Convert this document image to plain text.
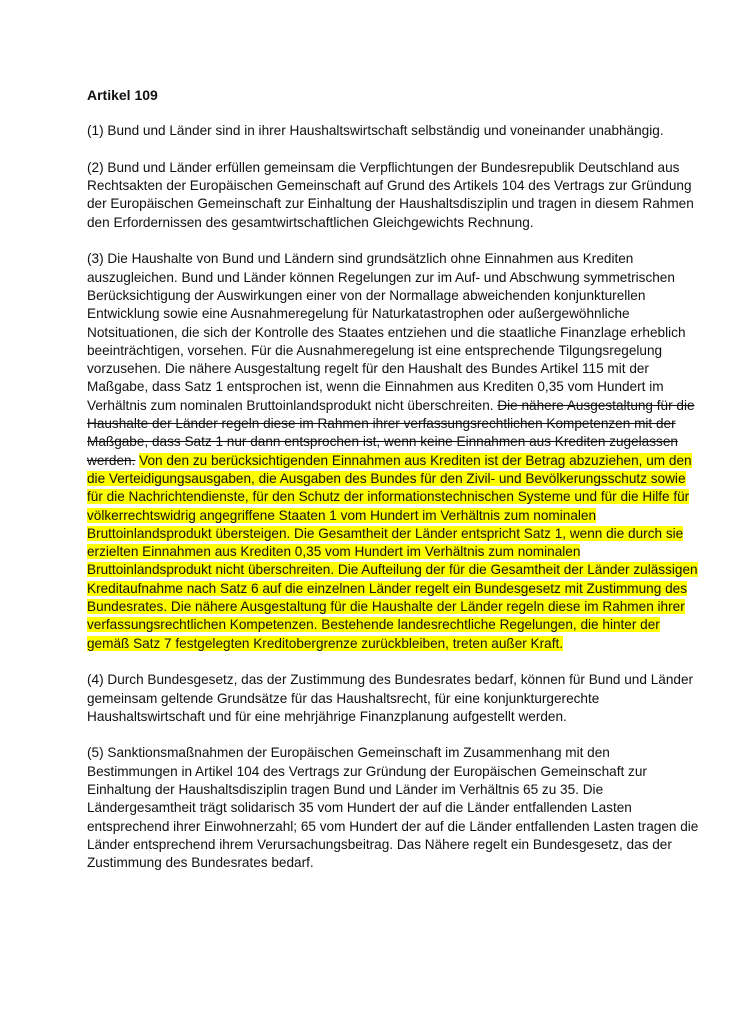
Artikel 109

(1) Bund und Länder sind in ihrer Haushaltswirtschaft selbständig und voneinander unabhängig.

(2) Bund und Länder erfüllen gemeinsam die Verpflichtungen der Bundesrepublik Deutschland aus Rechtsakten der Europäischen Gemeinschaft auf Grund des Artikels 104 des Vertrags zur Gründung der Europäischen Gemeinschaft zur Einhaltung der Haushaltsdisziplin und tragen in diesem Rahmen den Erfordernissen des gesamtwirtschaftlichen Gleichgewichts Rechnung.

(3) Die Haushalte von Bund und Ländern sind grundsätzlich ohne Einnahmen aus Krediten auszugleichen. Bund und Länder können Regelungen zur im Auf- und Abschwung symmetrischen Berücksichtigung der Auswirkungen einer von der Normallage abweichenden konjunkturellen Entwicklung sowie eine Ausnahmeregelung für Naturkatastrophen oder außergewöhnliche Notsituationen, die sich der Kontrolle des Staates entziehen und die staatliche Finanzlage erheblich beeinträchtigen, vorsehen. Für die Ausnahmeregelung ist eine entsprechende Tilgungsregelung vorzusehen. Die nähere Ausgestaltung regelt für den Haushalt des Bundes Artikel 115 mit der Maßgabe, dass Satz 1 entsprochen ist, wenn die Einnahmen aus Krediten 0,35 vom Hundert im Verhältnis zum nominalen Bruttoinlandsprodukt nicht überschreiten. Die nähere Ausgestaltung für die Haushalte der Länder regeln diese im Rahmen ihrer verfassungsrechtlichen Kompetenzen mit der Maßgabe, dass Satz 1 nur dann entsprochen ist, wenn keine Einnahmen aus Krediten zugelassen werden. Von den zu berücksichtigenden Einnahmen aus Krediten ist der Betrag abzuziehen, um den die Verteidigungsausgaben, die Ausgaben des Bundes für den Zivil- und Bevölkerungsschutz sowie für die Nachrichtendienste, für den Schutz der informationstechnischen Systeme und für die Hilfe für völkerrechtswidrig angegriffene Staaten 1 vom Hundert im Verhältnis zum nominalen Bruttoinlandsprodukt übersteigen. Die Gesamtheit der Länder entspricht Satz 1, wenn die durch sie erzielten Einnahmen aus Krediten 0,35 vom Hundert im Verhältnis zum nominalen Bruttoinlandsprodukt nicht überschreiten. Die Aufteilung der für die Gesamtheit der Länder zulässigen Kreditaufnahme nach Satz 6 auf die einzelnen Länder regelt ein Bundesgesetz mit Zustimmung des Bundesrates. Die nähere Ausgestaltung für die Haushalte der Länder regeln diese im Rahmen ihrer verfassungsrechtlichen Kompetenzen. Bestehende landesrechtliche Regelungen, die hinter der gemäß Satz 7 festgelegten Kreditobergrenze zurückbleiben, treten außer Kraft.

(4) Durch Bundesgesetz, das der Zustimmung des Bundesrates bedarf, können für Bund und Länder gemeinsam geltende Grundsätze für das Haushaltsrecht, für eine konjunkturgerechte Haushaltswirtschaft und für eine mehrjährige Finanzplanung aufgestellt werden.

(5) Sanktionsmaßnahmen der Europäischen Gemeinschaft im Zusammenhang mit den Bestimmungen in Artikel 104 des Vertrags zur Gründung der Europäischen Gemeinschaft zur Einhaltung der Haushaltsdisziplin tragen Bund und Länder im Verhältnis 65 zu 35. Die Ländergesamtheit trägt solidarisch 35 vom Hundert der auf die Länder entfallenden Lasten entsprechend ihrer Einwohnerzahl; 65 vom Hundert der auf die Länder entfallenden Lasten tragen die Länder entsprechend ihrem Verursachungsbeitrag. Das Nähere regelt ein Bundesgesetz, das der Zustimmung des Bundesrates bedarf.
